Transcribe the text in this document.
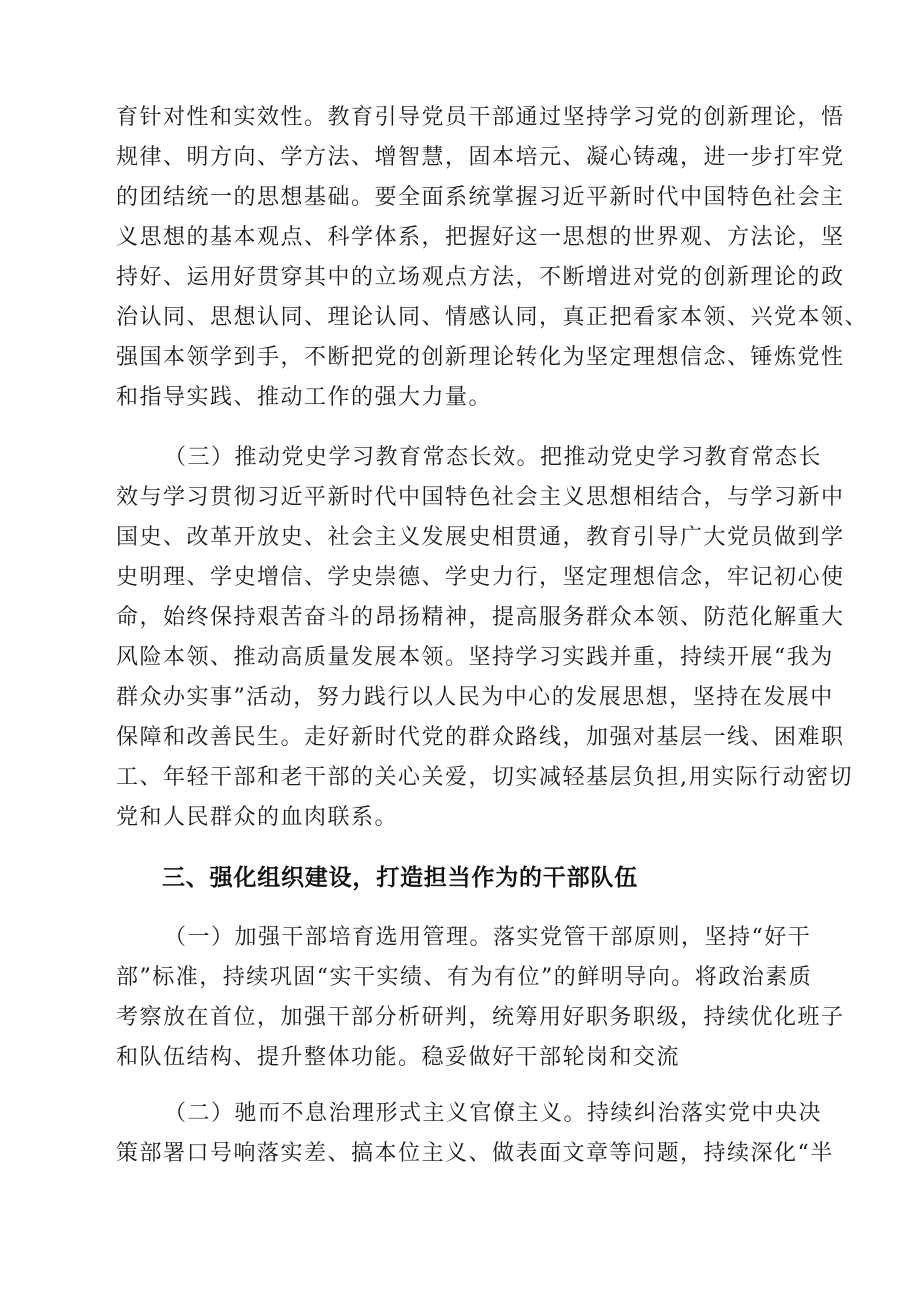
育针对性和实效性。教育引导党员干部通过坚持学习党的创新理论，悟

规律、明方向、学方法、增智慧，固本培元、凝心铸魂，进一步打牢党

的团结统一的思想基础。要全面系统掌握习近平新时代中国特色社会主

义思想的基本观点、科学体系，把握好这一思想的世界观、方法论，坚

持好、运用好贯穿其中的立场观点方法，不断增进对党的创新理论的政

治认同、思想认同、理论认同、情感认同，真正把看家本领、兴党本领、

强国本领学到手，不断把党的创新理论转化为坚定理想信念、锤炼党性

和指导实践、推动工作的强大力量。

（三）推动党史学习教育常态长效。把推动党史学习教育常态长

效与学习贯彻习近平新时代中国特色社会主义思想相结合，与学习新中

国史、改革开放史、社会主义发展史相贯通，教育引导广大党员做到学

史明理、学史增信、学史崇德、学史力行，坚定理想信念，牢记初心使

命，始终保持艰苦奋斗的昂扬精神，提高服务群众本领、防范化解重大

风险本领、推动高质量发展本领。坚持学习实践并重，持续开展“我为

群众办实事”活动，努力践行以人民为中心的发展思想，坚持在发展中

保障和改善民生。走好新时代党的群众路线，加强对基层一线、困难职

工、年轻干部和老干部的关心关爱，切实减轻基层负担,用实际行动密切

党和人民群众的血肉联系。

三、强化组织建设，打造担当作为的干部队伍

（一）加强干部培育选用管理。落实党管干部原则，坚持“好干

部”标准，持续巩固“实干实绩、有为有位”的鲜明导向。将政治素质

考察放在首位，加强干部分析研判，统筹用好职务职级，持续优化班子

和队伍结构、提升整体功能。稳妥做好干部轮岗和交流

（二）驰而不息治理形式主义官僚主义。持续纠治落实党中央决

策部署口号响落实差、搞本位主义、做表面文章等问题，持续深化“半
